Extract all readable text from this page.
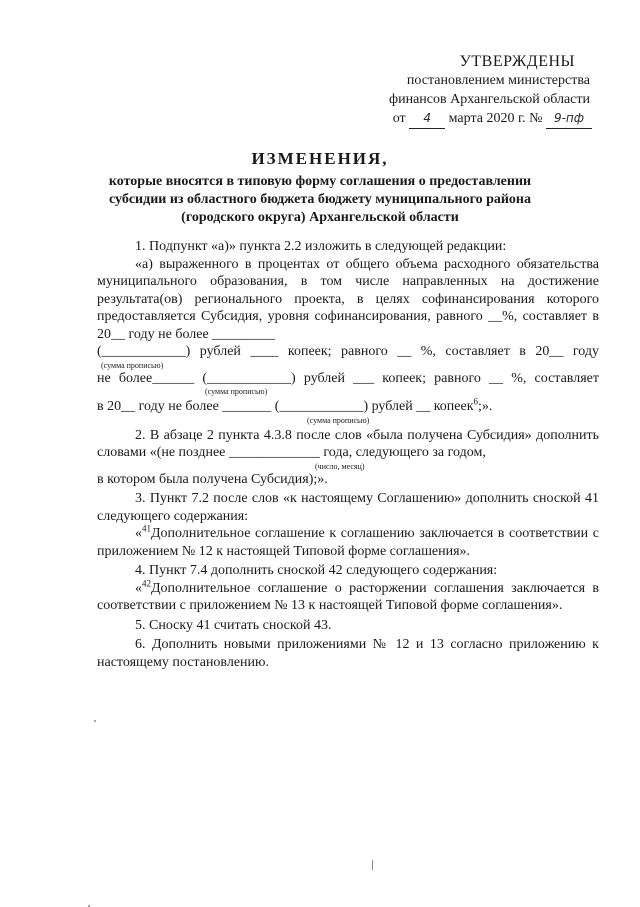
УТВЕРЖДЕНЫ
постановлением министерства
финансов Архангельской области
от 4 марта 2020 г. № 9-пф
ИЗМЕНЕНИЯ,
которые вносятся в типовую форму соглашения о предоставлении субсидии из областного бюджета бюджету муниципального района (городского округа) Архангельской области
1. Подпункт «а)» пункта 2.2 изложить в следующей редакции:
«а) выраженного в процентах от общего объема расходного обязательства муниципального образования, в том числе направленных на достижение результата(ов) регионального проекта, в целях софинансирования которого предоставляется Субсидия, уровня софинансирования, равного __%, составляет в 20__ году не более _________
(____________) рублей ____ копеек; равного __ %, составляет в 20__ году
(сумма прописью)
не более______ (____________) рублей ___ копеек; равного __ %, составляет
(сумма прописью)
в 20__ году не более _______ (____________) рублей __ копеек$^6$;».
(сумма прописью)
2. В абзаце 2 пункта 4.3.8 после слов «была получена Субсидия» дополнить словами «(не позднее _____________ года, следующего за годом,
(число, месяц)
в котором была получена Субсидия);».
3. Пункт 7.2 после слов «к настоящему Соглашению» дополнить сноской 41 следующего содержания:
«$^{41}$Дополнительное соглашение к соглашению заключается в соответствии с приложением № 12 к настоящей Типовой форме соглашения».
4. Пункт 7.4 дополнить сноской 42 следующего содержания:
«$^{42}$Дополнительное соглашение о расторжении соглашения заключается в соответствии с приложением № 13 к настоящей Типовой форме соглашения».
5. Сноску 41 считать сноской 43.
6. Дополнить новыми приложениями № 12 и 13 согласно приложению к настоящему постановлению.
